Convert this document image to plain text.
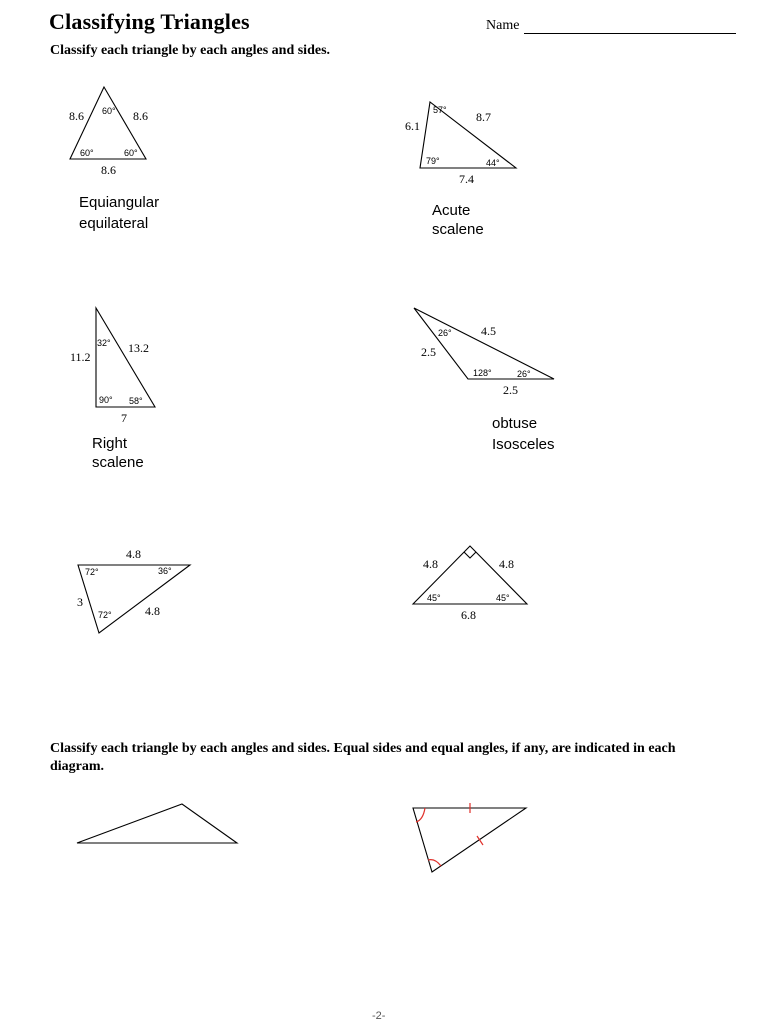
Classifying Triangles	Name
Classify each triangle by each angles and sides.
Classify each triangle by each angles and sides. Equal sides and equal angles, if any, are indicated in each diagram.
-2-
8.6	8.6
8.6
60°
60°	60°
Equiangular
equilateral
6.1
8.7
7.4
57°
79°	44°
Acute
scalene
11.2
13.2
7
32°
90° 58°
Right
scalene
2.5
4.5
2.5
26°
128°	26°
obtuse
Isosceles
4.8
3
4.8
72°	36°
72°
4.8	4.8
6.8
45°	45°
